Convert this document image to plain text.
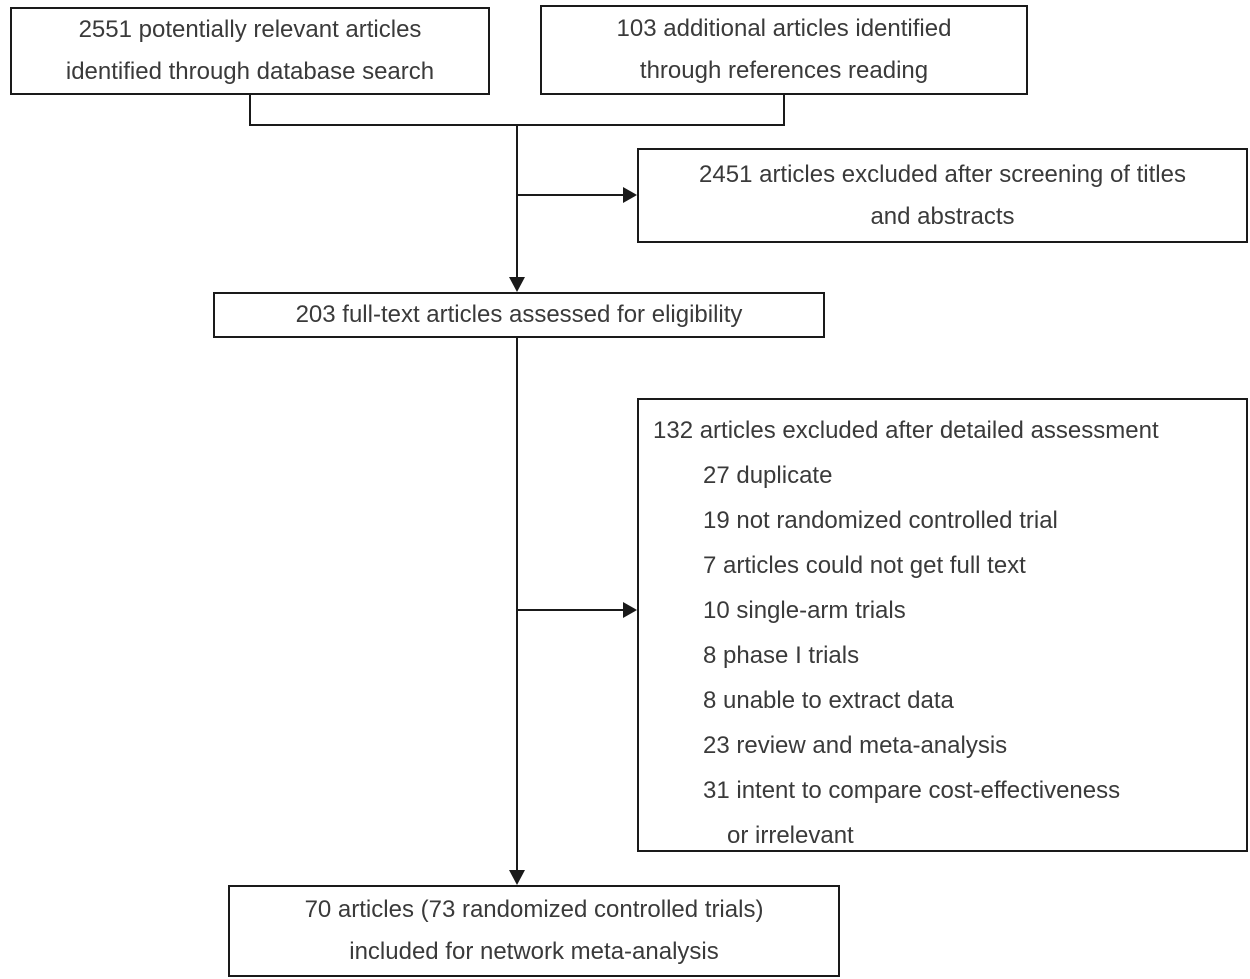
2551 potentially relevant articles
identified through database search
103 additional articles identified
through references reading
2451 articles excluded after screening of titles
and abstracts
203 full-text articles assessed for eligibility
132 articles excluded after detailed assessment
27 duplicate
19 not randomized controlled trial
7 articles could not get full text
10 single-arm trials
8 phase I trials
8 unable to extract data
23 review and meta-analysis
31 intent to compare cost-effectiveness
or irrelevant
70 articles (73 randomized controlled trials)
included for network meta-analysis
